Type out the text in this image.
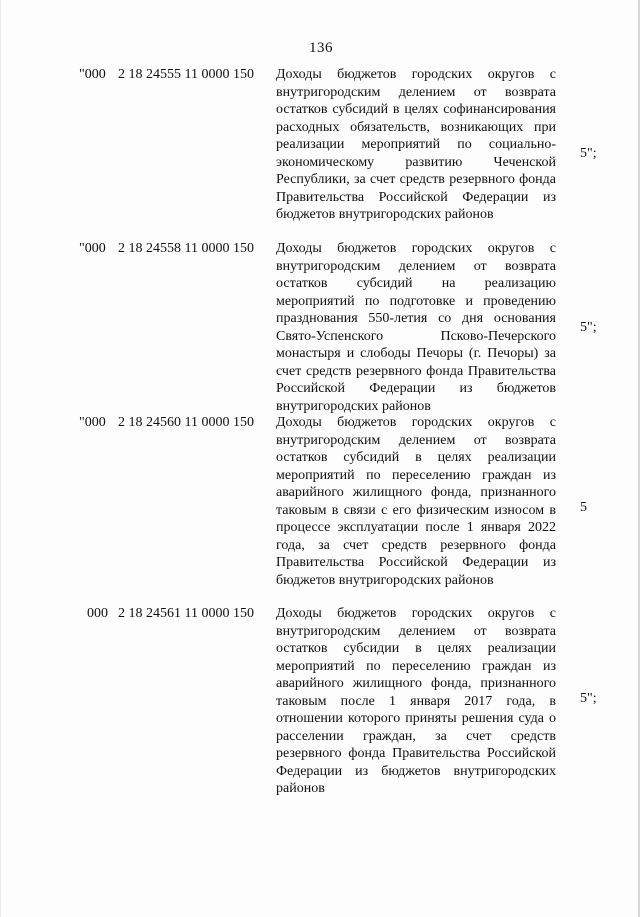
136
"000 2 18 24555 11 0000 150 Доходы бюджетов городских округов с внутригородским делением от возврата остатков субсидий в целях софинансирования расходных обязательств, возникающих при реализации мероприятий по социально-экономическому развитию Чеченской Республики, за счет средств резервного фонда Правительства Российской Федерации из бюджетов внутригородских районов
5";
"000 2 18 24558 11 0000 150 Доходы бюджетов городских округов с внутригородским делением от возврата остатков субсидий на реализацию мероприятий по подготовке и проведению празднования 550-летия со дня основания Свято-Успенского Псково-Печерского монастыря и слободы Печоры (г. Печоры) за счет средств резервного фонда Правительства Российской Федерации из бюджетов внутригородских районов
5";
"000 2 18 24560 11 0000 150 Доходы бюджетов городских округов с внутригородским делением от возврата остатков субсидий в целях реализации мероприятий по переселению граждан из аварийного жилищного фонда, признанного таковым в связи с его физическим износом в процессе эксплуатации после 1 января 2022 года, за счет средств резервного фонда Правительства Российской Федерации из бюджетов внутригородских районов
5
000 2 18 24561 11 0000 150 Доходы бюджетов городских округов с внутригородским делением от возврата остатков субсидии в целях реализации мероприятий по переселению граждан из аварийного жилищного фонда, признанного таковым после 1 января 2017 года, в отношении которого приняты решения суда о расселении граждан, за счет средств резервного фонда Правительства Российской Федерации из бюджетов внутригородских районов
5";
